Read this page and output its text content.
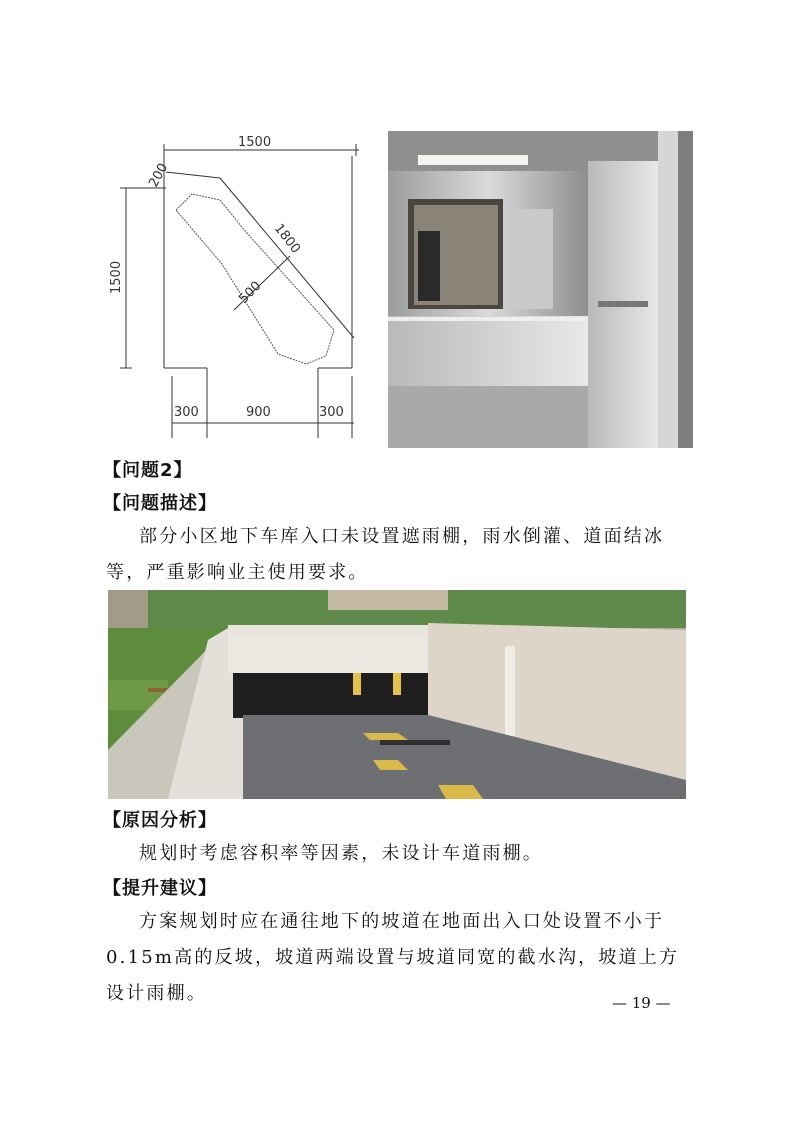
1500
1500
1800
500
200
300	900	300
【问题2】
【问题描述】
部分小区地下车库入口未设置遮雨棚，雨水倒灌、道面结冰等，严重影响业主使用要求。
【原因分析】
规划时考虑容积率等因素，未设计车道雨棚。
【提升建议】
方案规划时应在通往地下的坡道在地面出入口处设置不小于0.15m高的反坡，坡道两端设置与坡道同宽的截水沟，坡道上方设计雨棚。	— 19 —
